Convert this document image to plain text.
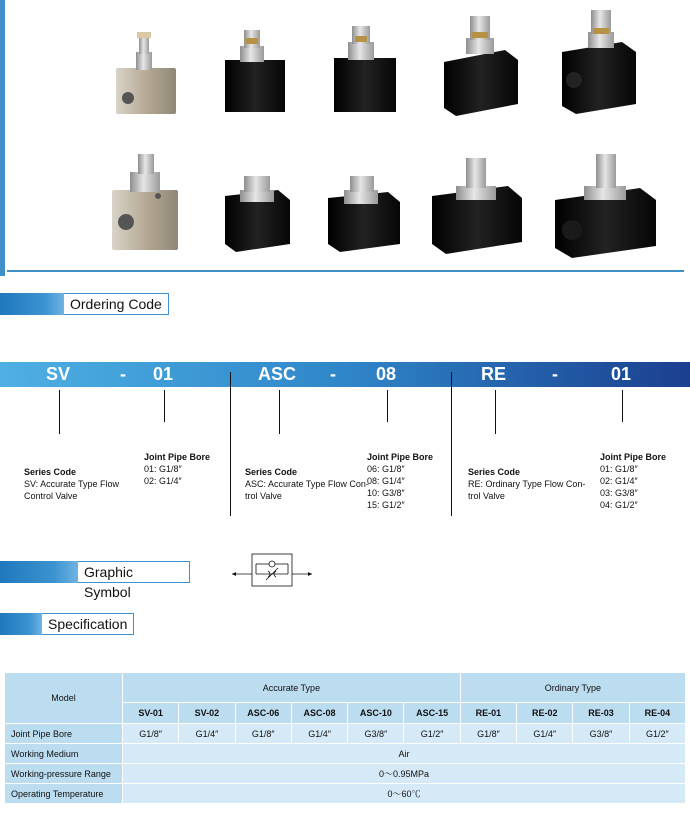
Ordering Code
SV	- 01	ASC - 08	RE	-	01
Series Code
SV: Accurate Type Flow
Control Valve
Joint Pipe Bore
01: G1/8″
02: G1/4″
Series Code
ASC: Accurate Type Flow Con-
trol Valve
Joint Pipe Bore
06: G1/8″
08: G1/4″
10: G3/8″
15: G1/2″
Series Code
RE: Ordinary Type Flow Con-
trol Valve
Joint Pipe Bore
01: G1/8″
02: G1/4″
03: G3/8″
04: G1/2″
Graphic Symbol
Specification
Model	Accurate Type						Ordinary Type			
	SV-01	SV-02	ASC-06	ASC-08	ASC-10	ASC-15	RE-01	RE-02	RE-03	RE-04
Joint Pipe Bore	G1/8″	G1/4″	G1/8″	G1/4″	G3/8″	G1/2″	G1/8″	G1/4″	G3/8″	G1/2″
Working Medium	Air									
Working-pressure Range	0～0.95MPa									
Operating Temperature	0～60℃									
